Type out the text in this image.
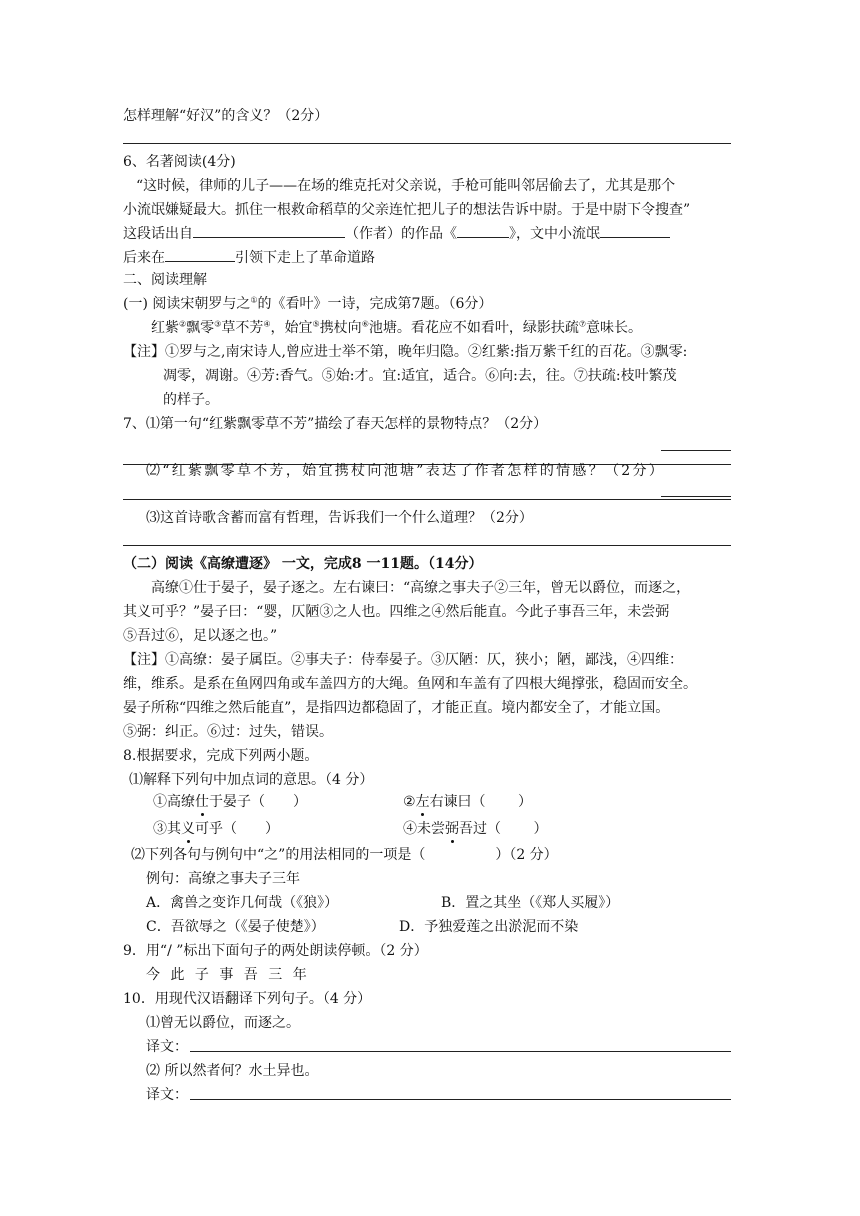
怎样理解“好汉”的含义？（2分）
6、名著阅读(4分)
“这时候，律师的儿子——在场的维克托对父亲说，手枪可能叫邻居偷去了，尤其是那个
小流氓嫌疑最大。抓住一根救命稻草的父亲连忙把儿子的想法告诉中尉。于是中尉下令搜查”
这段话出自	（作者）的作品《	》，文中小流氓
后来在	引领下走上了革命道路
二、阅读理解
(一) 阅读宋朝罗与之①的《看叶》一诗，完成第7题。（6分）
红紫②飘零③草不芳④，始宜⑤携杖向⑥池塘。看花应不如看叶，绿影扶疏⑦意味长。
【注】①罗与之,南宋诗人,曾应进士举不第，晚年归隐。②红紫:指万紫千红的百花。③飘零:
凋零，凋谢。④芳:香气。⑤始:才。宜:适宜，适合。⑥向:去，往。⑦扶疏:枝叶繁茂
的样子。
7、⑴第一句“红紫飘零草不芳”描绘了春天怎样的景物特点？（2分）
⑵“红紫飘零草不芳，始宜携杖向池塘”表达了作者怎样的情感？（2分）
⑶这首诗歌含蓄而富有哲理，告诉我们一个什么道理？（2分）
（二）阅读《高缭遭逐》 一文，完成8 一11题。（14分）
高缭①仕于晏子，晏子逐之。左右谏曰：“高缭之事夫子②三年，曾无以爵位，而逐之，
其义可乎？”晏子曰：“婴，仄陋③之人也。四维之④然后能直。今此子事吾三年，未尝弼
⑤吾过⑥，足以逐之也。”
【注】①高缭：晏子属臣。②事夫子：侍奉晏子。③仄陋：仄，狭小；陋，鄙浅，④四维：
维，维系。是系在鱼网四角或车盖四方的大绳。鱼网和车盖有了四根大绳撑张，稳固而安全。
晏子所称“四维之然后能直”，是指四边都稳固了，才能正直。境内都安全了，才能立国。
⑤弼：纠正。⑥过：过失，错误。
8.根据要求，完成下列两小题。
⑴解释下列句中加点词的意思。（4 分）
①高缭仕于晏子（　　）	②左右谏曰（　　 ）
③其义可乎（　　）	④未尝弼吾过（　　 ）
⑵下列各句与例句中“之”的用法相同的一项是（　　　　　）（2 分）
例句：高缭之事夫子三年
A．禽兽之变诈几何哉（《狼》）	B．置之其坐（《郑人买履》）
C．吾欲辱之（《晏子使楚》）	D．予独爱莲之出淤泥而不染
9．用“/ ”标出下面句子的两处朗读停顿。（2 分）
今 此 子 事 吾 三 年
10．用现代汉语翻译下列句子。（4 分）
⑴曾无以爵位，而逐之。
译文：
⑵ 所以然者何？水土异也。
译文：
